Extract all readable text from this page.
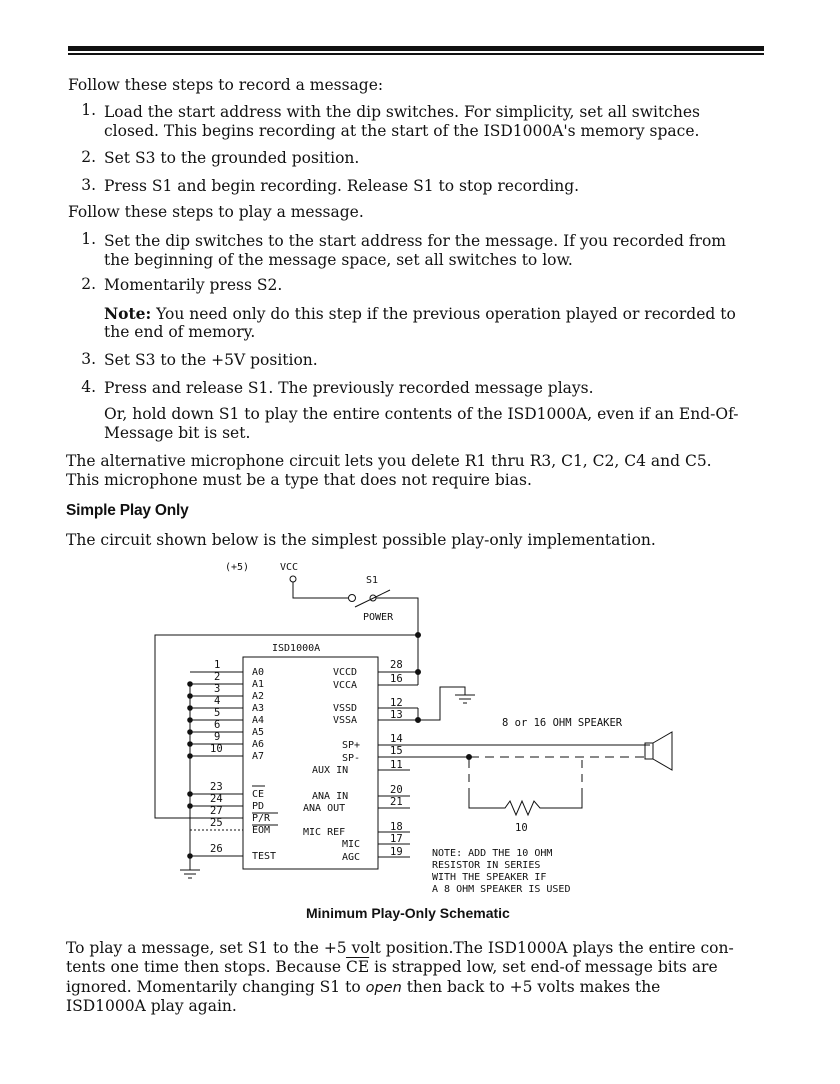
Follow these steps to record a message:
1. Load the start address with the dip switches. For simplicity, set all switches
closed. This begins recording at the start of the ISD1000A's memory space.
2. Set S3 to the grounded position.
3. Press S1 and begin recording. Release S1 to stop recording.
Follow these steps to play a message.
1. Set the dip switches to the start address for the message. If you recorded from
the beginning of the message space, set all switches to low.
2. Momentarily press S2.
Note: You need only do this step if the previous operation played or recorded to
the end of memory.
3. Set S3 to the +5V position.
4. Press and release S1. The previously recorded message plays.
Or, hold down S1 to play the entire contents of the ISD1000A, even if an End-Of-
Message bit is set.
The alternative microphone circuit lets you delete R1 thru R3, C1, C2, C4 and C5.
This microphone must be a type that does not require bias.
Simple Play Only
The circuit shown below is the simplest possible play-only implementation.
(+5)	VCC
S1
POWER
ISD1000A
1
A0
2
A1
3
A2
4
A3
5
A4
6
A5
9
A6
10
A7
23
CE
24
PD
27
P/R
25
EOM
26
TEST
28
VCCD
16
VCCA
12
VSSD
13
VSSA
14
SP+	15
SP-
11
AUX IN
20
ANA IN	21
ANA OUT
18
MIC REF
17
MIC
19
AGC
10
8 or 16 OHM SPEAKER
NOTE: ADD THE 10 OHM
RESISTOR IN SERIES
WITH THE SPEAKER IF
A 8 OHM SPEAKER IS USED
Minimum Play-Only Schematic
To play a message, set S1 to the +5 volt position.The ISD1000A plays the entire con-
tents one time then stops. Because $\overline{CE}$ is strapped low, set end-of message bits are
ignored. Momentarily changing S1 to open then back to +5 volts makes the
ISD1000A play again.
